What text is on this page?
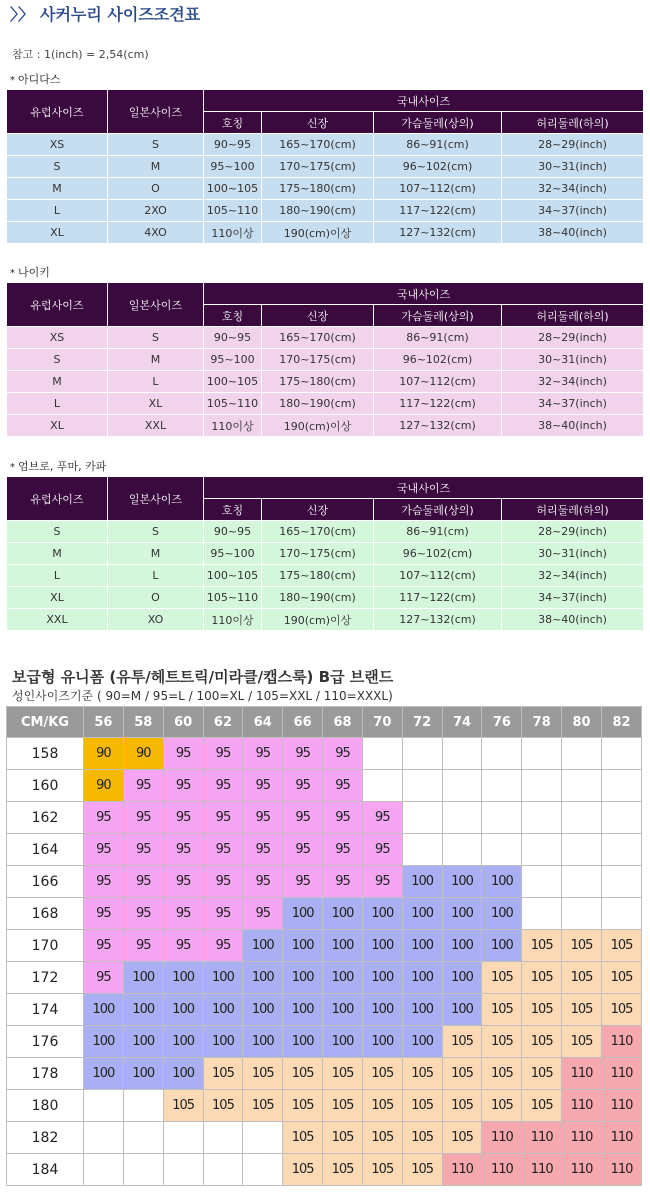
〉〉 사커누리 사이즈조견표
참고 : 1(inch) = 2,54(cm)
* 아디다스
유럽사이즈	일본사이즈	국내사이즈			
		호칭	신장	가슴둘레(상의)	허리둘레(하의)
XS	S	90~95	165~170(cm)	86~91(cm)	28~29(inch)
S	M	95~100	170~175(cm)	96~102(cm)	30~31(inch)
M	O	100~105	175~180(cm)	107~112(cm)	32~34(inch)
L	2XO	105~110	180~190(cm)	117~122(cm)	34~37(inch)
XL	4XO	110이상	190(cm)이상	127~132(cm)	38~40(inch)
* 나이키
유럽사이즈	일본사이즈	국내사이즈			
		호칭	신장	가슴둘레(상의)	허리둘레(하의)
XS	S	90~95	165~170(cm)	86~91(cm)	28~29(inch)
S	M	95~100	170~175(cm)	96~102(cm)	30~31(inch)
M	L	100~105	175~180(cm)	107~112(cm)	32~34(inch)
L	XL	105~110	180~190(cm)	117~122(cm)	34~37(inch)
XL	XXL	110이상	190(cm)이상	127~132(cm)	38~40(inch)
* 엄브로, 푸마, 카파
유럽사이즈	일본사이즈	국내사이즈			
		호칭	신장	가슴둘레(상의)	허리둘레(하의)
S	S	90~95	165~170(cm)	86~91(cm)	28~29(inch)
M	M	95~100	170~175(cm)	96~102(cm)	30~31(inch)
L	L	100~105	175~180(cm)	107~112(cm)	32~34(inch)
XL	O	105~110	180~190(cm)	117~122(cm)	34~37(inch)
XXL	XO	110이상	190(cm)이상	127~132(cm)	38~40(inch)
보급형 유니폼 (유투/헤트트릭/미라클/캡스룩) B급 브랜드
성인사이즈기준 ( 90=M / 95=L / 100=XL / 105=XXL / 110=XXXL)
CM/KG	56	58	60	62	64	66	68	70	72	74	76	78	80	82
158	90	90	95	95	95	95	95							
160	90	95	95	95	95	95	95							
162	95	95	95	95	95	95	95	95						
164	95	95	95	95	95	95	95	95						
166	95	95	95	95	95	95	95	95	100	100	100			
168	95	95	95	95	95	100	100	100	100	100	100			
170	95	95	95	95	100	100	100	100	100	100	100	105	105	105
172	95	100	100	100	100	100	100	100	100	100	105	105	105	105
174	100	100	100	100	100	100	100	100	100	100	105	105	105	105
176	100	100	100	100	100	100	100	100	100	105	105	105	105	110
178	100	100	100	105	105	105	105	105	105	105	105	105	110	110
180			105	105	105	105	105	105	105	105	105	105	110	110
182						105	105	105	105	105	110	110	110	110
184						105	105	105	105	110	110	110	110	110
